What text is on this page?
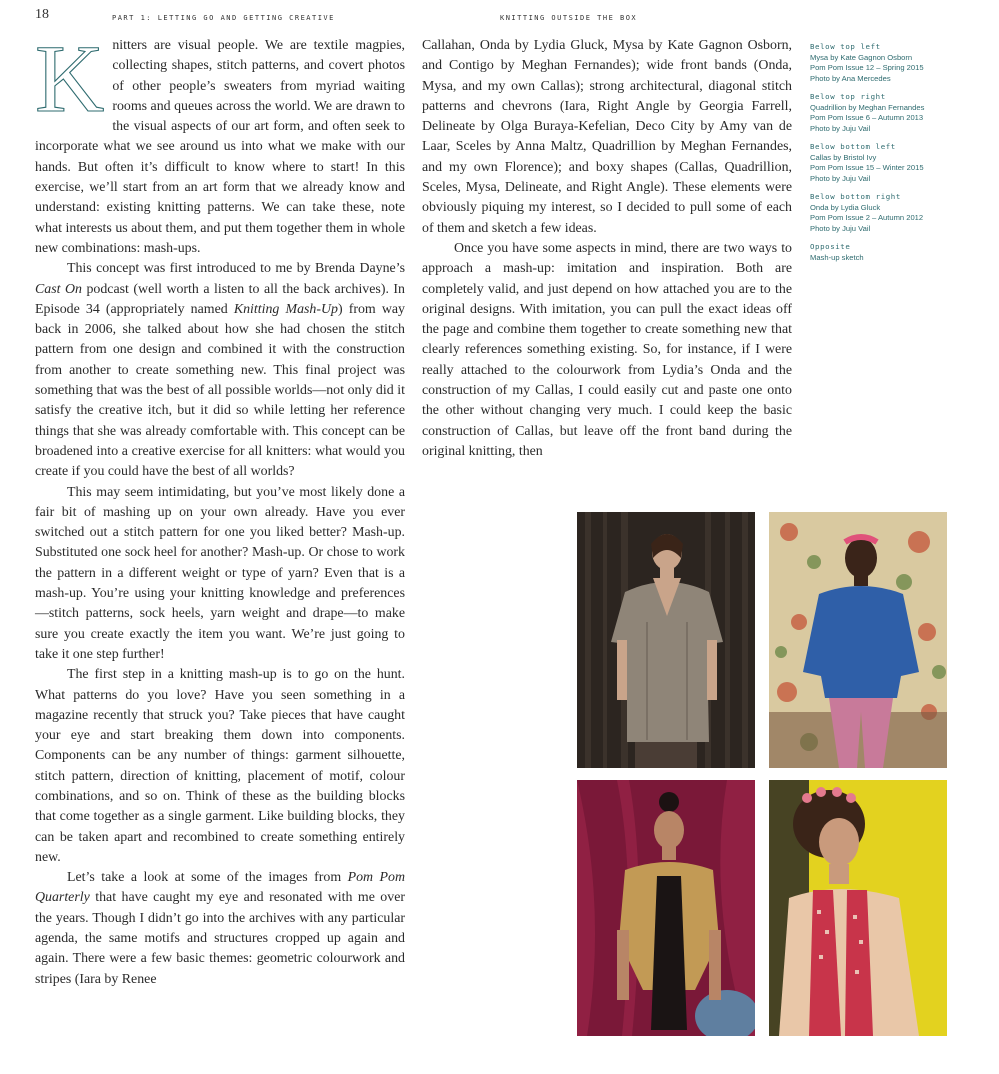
18	PART 1: LETTING GO AND GETTING CREATIVE	KNITTING OUTSIDE THE BOX

Knitters are visual people. We are textile magpies, collecting shapes, stitch patterns, and covert photos of other people’s sweaters from myriad waiting rooms and queues across the world. We are drawn to the visual aspects of our art form, and often seek to incorporate what we see around us into what we make with our hands. But often it’s difficult to know where to start! In this exercise, we’ll start from an art form that we already know and understand: existing knitting patterns. We can take these, note what interests us about them, and put them together them in whole new combinations: mash-ups.

This concept was first introduced to me by Brenda Dayne’s Cast On podcast (well worth a listen to all the back archives). In Episode 34 (appropriately named Knitting Mash-Up) from way back in 2006, she talked about how she had chosen the stitch pattern from one design and combined it with the construction from another to create something new. This final project was something that was the best of all possible worlds—not only did it satisfy the creative itch, but it did so while letting her reference things that she was already comfortable with. This concept can be broadened into a creative exercise for all knitters: what would you create if you could have the best of all worlds?

This may seem intimidating, but you’ve most likely done a fair bit of mashing up on your own already. Have you ever switched out a stitch pattern for one you liked better? Mash-up. Substituted one sock heel for another? Mash-up. Or chose to work the pattern in a different weight or type of yarn? Even that is a mash-up. You’re using your knitting knowledge and preferences—stitch patterns, sock heels, yarn weight and drape—to make sure you create exactly the item you want. We’re just going to take it one step further!

The first step in a knitting mash-up is to go on the hunt. What patterns do you love? Have you seen something in a magazine recently that struck you? Take pieces that have caught your eye and start breaking them down into components. Components can be any number of things: garment silhouette, stitch pattern, direction of knitting, placement of motif, colour combinations, and so on. Think of these as the building blocks that come together as a single garment. Like building blocks, they can be taken apart and recombined to create something entirely new.

Let’s take a look at some of the images from Pom Pom Quarterly that have caught my eye and resonated with me over the years. Though I didn’t go into the archives with any particular agenda, the same motifs and structures cropped up again and again. There were a few basic themes: geometric colourwork and stripes (Iara by Renee

Callahan, Onda by Lydia Gluck, Mysa by Kate Gagnon Osborn, and Contigo by Meghan Fernandes); wide front bands (Onda, Mysa, and my own Callas); strong architectural, diagonal stitch patterns and chevrons (Iara, Right Angle by Georgia Farrell, Delineate by Olga Buraya-Kefelian, Deco City by Amy van de Laar, Sceles by Anna Maltz, Quadrillion by Meghan Fernandes, and my own Florence); and boxy shapes (Callas, Quadrillion, Sceles, Mysa, Delineate, and Right Angle). These elements were obviously piquing my interest, so I decided to pull some of each of them and sketch a few ideas.

Once you have some aspects in mind, there are two ways to approach a mash-up: imitation and inspiration. Both are completely valid, and just depend on how attached you are to the original designs. With imitation, you can pull the exact ideas off the page and combine them together to create something new that clearly references something existing. So, for instance, if I were really attached to the colourwork from Lydia’s Onda and the construction of my Callas, I could easily cut and paste one onto the other without changing very much. I could keep the basic construction of Callas, but leave off the front band during the original knitting, then

Below top left
Mysa by Kate Gagnon Osborn
Pom Pom Issue 12 – Spring 2015
Photo by Ana Mercedes
Below top right
Quadrillion by Meghan Fernandes
Pom Pom Issue 6 – Autumn 2013
Photo by Juju Vail
Below bottom left
Callas by Bristol Ivy
Pom Pom Issue 15 – Winter 2015
Photo by Juju Vail
Below bottom right
Onda by Lydia Gluck
Pom Pom Issue 2 – Autumn 2012
Photo by Juju Vail
Opposite
Mash-up sketch
